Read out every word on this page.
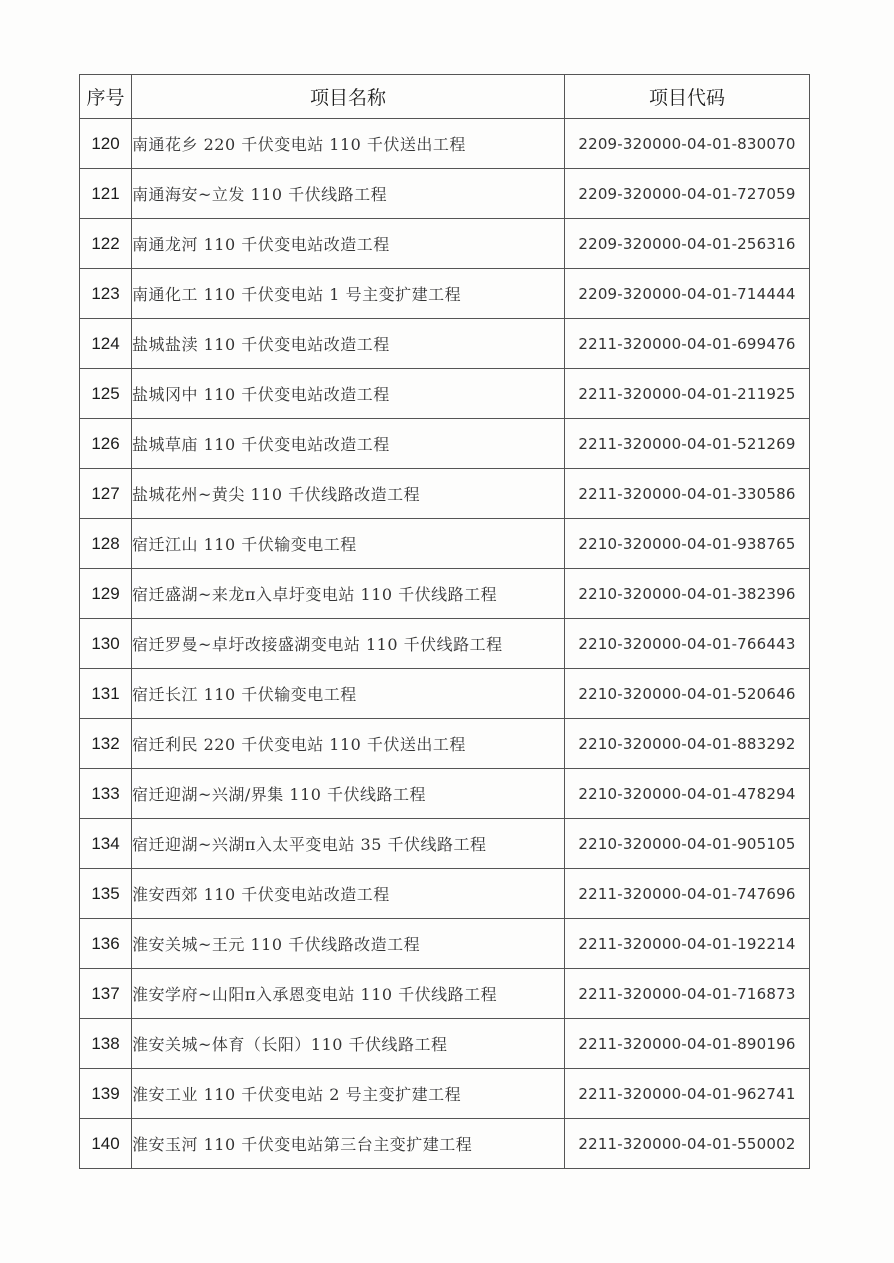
序号	项目名称	项目代码
120	南通花乡 220 千伏变电站 110 千伏送出工程	2209-320000-04-01-830070
121	南通海安~立发 110 千伏线路工程	2209-320000-04-01-727059
122	南通龙河 110 千伏变电站改造工程	2209-320000-04-01-256316
123	南通化工 110 千伏变电站 1 号主变扩建工程	2209-320000-04-01-714444
124	盐城盐渎 110 千伏变电站改造工程	2211-320000-04-01-699476
125	盐城冈中 110 千伏变电站改造工程	2211-320000-04-01-211925
126	盐城草庙 110 千伏变电站改造工程	2211-320000-04-01-521269
127	盐城花州~黄尖 110 千伏线路改造工程	2211-320000-04-01-330586
128	宿迁江山 110 千伏输变电工程	2210-320000-04-01-938765
129	宿迁盛湖~来龙π入卓圩变电站 110 千伏线路工程	2210-320000-04-01-382396
130	宿迁罗曼~卓圩改接盛湖变电站 110 千伏线路工程	2210-320000-04-01-766443
131	宿迁长江 110 千伏输变电工程	2210-320000-04-01-520646
132	宿迁利民 220 千伏变电站 110 千伏送出工程	2210-320000-04-01-883292
133	宿迁迎湖~兴湖/界集 110 千伏线路工程	2210-320000-04-01-478294
134	宿迁迎湖~兴湖π入太平变电站 35 千伏线路工程	2210-320000-04-01-905105
135	淮安西郊 110 千伏变电站改造工程	2211-320000-04-01-747696
136	淮安关城~王元 110 千伏线路改造工程	2211-320000-04-01-192214
137	淮安学府~山阳π入承恩变电站 110 千伏线路工程	2211-320000-04-01-716873
138	淮安关城~体育（长阳）110 千伏线路工程	2211-320000-04-01-890196
139	淮安工业 110 千伏变电站 2 号主变扩建工程	2211-320000-04-01-962741
140	淮安玉河 110 千伏变电站第三台主变扩建工程	2211-320000-04-01-550002
